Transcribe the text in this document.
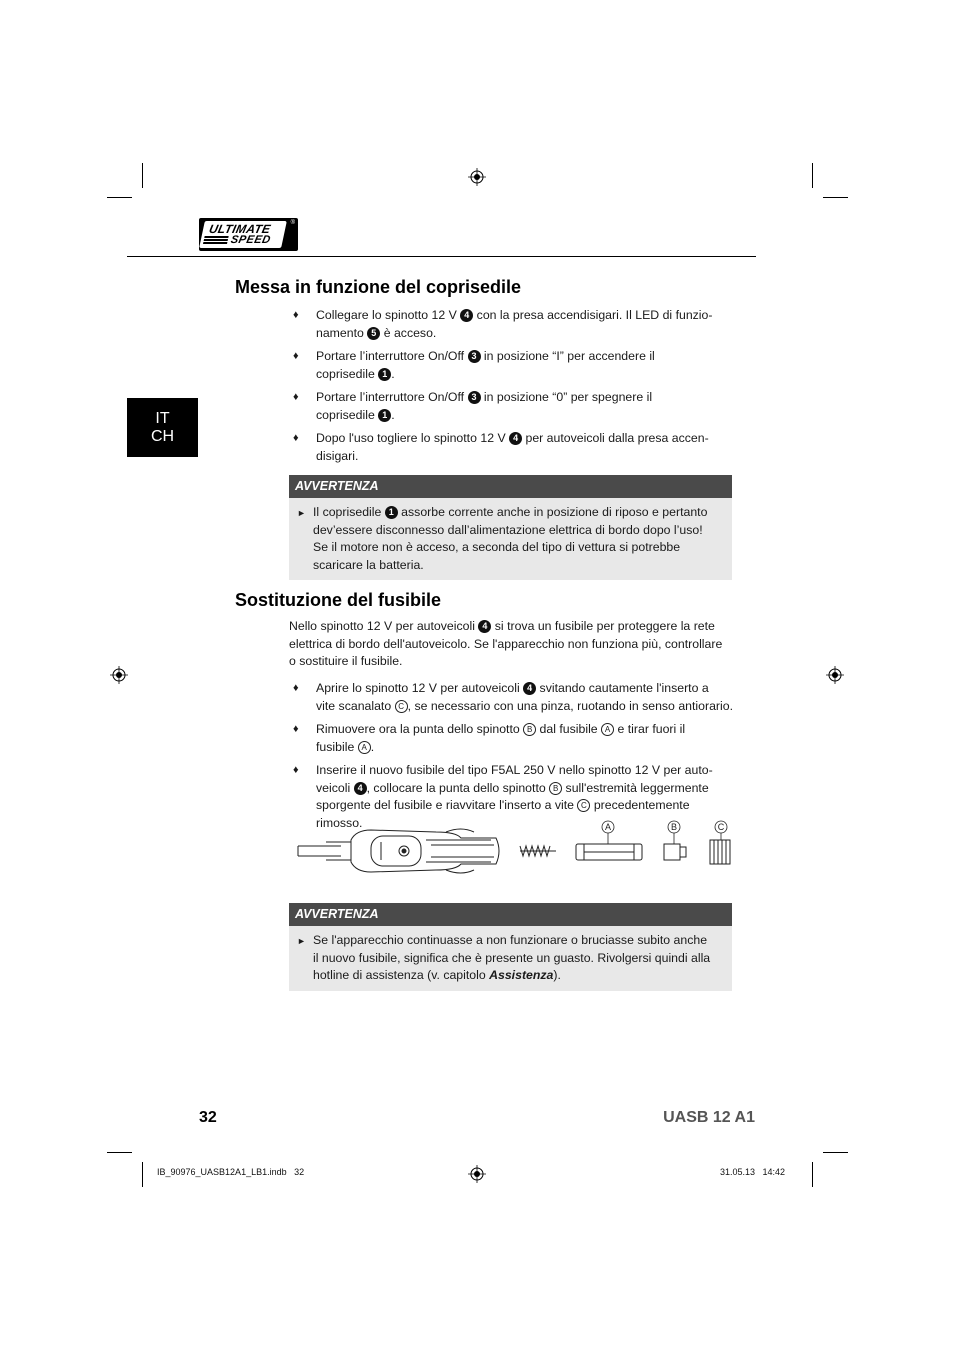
ULTIMATE
SPEED
®
IT
CH
Messa in funzione del coprisedile
♦ Collegare lo spinotto 12 V 4 con la presa accendisigari. Il LED di funzio-
namento 5 è acceso.
♦ Portare l’interruttore On/Off 3 in posizione “I” per accendere il
coprisedile 1 .
♦ Portare l’interruttore On/Off 3 in posizione “0” per spegnere il
coprisedile 1 .
♦ Dopo l'uso togliere lo spinotto 12 V 4 per autoveicoli dalla presa accen-
disigari.
AVVERTENZA
► Il coprisedile 1 assorbe corrente anche in posizione di riposo e pertanto
dev’essere disconnesso dall’alimentazione elettrica di bordo dopo l’uso!
Se il motore non è acceso, a seconda del tipo di vettura si potrebbe
scaricare la batteria.
Sostituzione del fusibile
Nello spinotto 12 V per autoveicoli 4 si trova un fusibile per proteggere la rete
elettrica di bordo dell'autoveicolo. Se l'apparecchio non funziona più, controllare
o sostituire il fusibile.
♦ Aprire lo spinotto 12 V per autoveicoli 4 svitando cautamente l'inserto a
vite scanalato C , se necessario con una pinza, ruotando in senso antiorario.
♦ Rimuovere ora la punta dello spinotto B dal fusibile A e tirar fuori il
fusibile A .
♦ Inserire il nuovo fusibile del tipo F5AL 250 V nello spinotto 12 V per auto-
veicoli 4 , collocare la punta dello spinotto B sull'estremità leggermente
sporgente del fusibile e riavvitare l'inserto a vite C precedentemente rimosso.	A	B	C
AVVERTENZA
► Se l'apparecchio continuasse a non funzionare o bruciasse subito anche
il nuovo fusibile, significa che è presente un guasto. Rivolgersi quindi alla
hotline di assistenza (v. capitolo Assistenza).
32	UASB 12 A1
IB_90976_UASB12A1_LB1.indb   32	31.05.13   14:42
